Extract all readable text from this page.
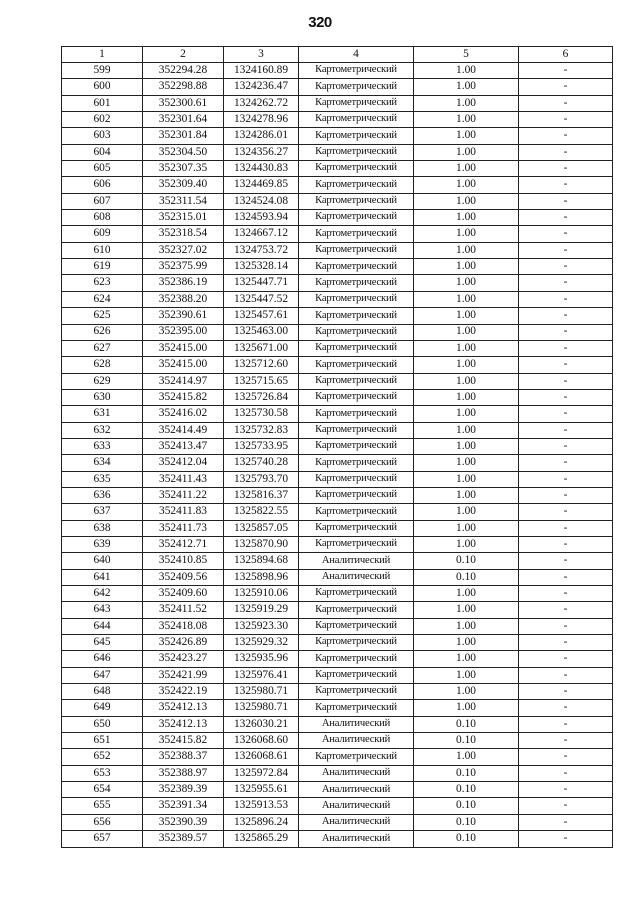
320
1	2	3	4	5	6
599	352294.28	1324160.89	Картометрический	1.00	-
600	352298.88	1324236.47	Картометрический	1.00	-
601	352300.61	1324262.72	Картометрический	1.00	-
602	352301.64	1324278.96	Картометрический	1.00	-
603	352301.84	1324286.01	Картометрический	1.00	-
604	352304.50	1324356.27	Картометрический	1.00	-
605	352307.35	1324430.83	Картометрический	1.00	-
606	352309.40	1324469.85	Картометрический	1.00	-
607	352311.54	1324524.08	Картометрический	1.00	-
608	352315.01	1324593.94	Картометрический	1.00	-
609	352318.54	1324667.12	Картометрический	1.00	-
610	352327.02	1324753.72	Картометрический	1.00	-
619	352375.99	1325328.14	Картометрический	1.00	-
623	352386.19	1325447.71	Картометрический	1.00	-
624	352388.20	1325447.52	Картометрический	1.00	-
625	352390.61	1325457.61	Картометрический	1.00	-
626	352395.00	1325463.00	Картометрический	1.00	-
627	352415.00	1325671.00	Картометрический	1.00	-
628	352415.00	1325712.60	Картометрический	1.00	-
629	352414.97	1325715.65	Картометрический	1.00	-
630	352415.82	1325726.84	Картометрический	1.00	-
631	352416.02	1325730.58	Картометрический	1.00	-
632	352414.49	1325732.83	Картометрический	1.00	-
633	352413.47	1325733.95	Картометрический	1.00	-
634	352412.04	1325740.28	Картометрический	1.00	-
635	352411.43	1325793.70	Картометрический	1.00	-
636	352411.22	1325816.37	Картометрический	1.00	-
637	352411.83	1325822.55	Картометрический	1.00	-
638	352411.73	1325857.05	Картометрический	1.00	-
639	352412.71	1325870.90	Картометрический	1.00	-
640	352410.85	1325894.68	Аналитический	0.10	-
641	352409.56	1325898.96	Аналитический	0.10	-
642	352409.60	1325910.06	Картометрический	1.00	-
643	352411.52	1325919.29	Картометрический	1.00	-
644	352418.08	1325923.30	Картометрический	1.00	-
645	352426.89	1325929.32	Картометрический	1.00	-
646	352423.27	1325935.96	Картометрический	1.00	-
647	352421.99	1325976.41	Картометрический	1.00	-
648	352422.19	1325980.71	Картометрический	1.00	-
649	352412.13	1325980.71	Картометрический	1.00	-
650	352412.13	1326030.21	Аналитический	0.10	-
651	352415.82	1326068.60	Аналитический	0.10	-
652	352388.37	1326068.61	Картометрический	1.00	-
653	352388.97	1325972.84	Аналитический	0.10	-
654	352389.39	1325955.61	Аналитический	0.10	-
655	352391.34	1325913.53	Аналитический	0.10	-
656	352390.39	1325896.24	Аналитический	0.10	-
657	352389.57	1325865.29	Аналитический	0.10	-
